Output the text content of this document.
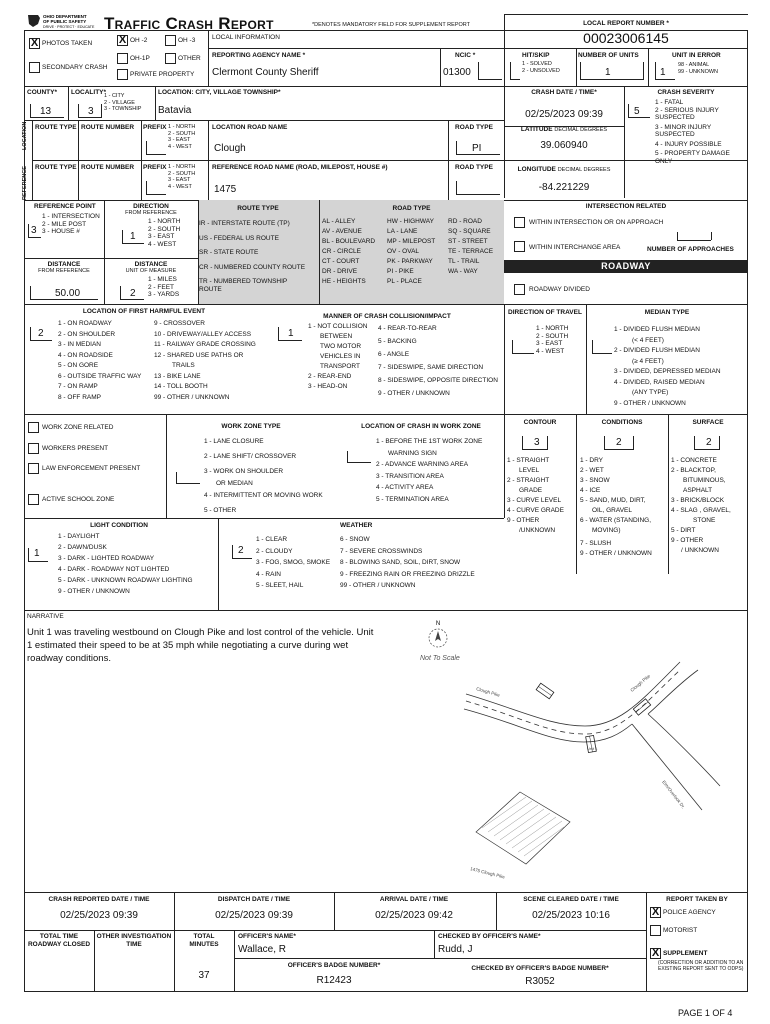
OHIO DEPARTMENT
OF PUBLIC SAFETY
DRIVE · PROTECT · EDUCATE Traffic Crash Report	*DENOTES MANDATORY FIELD FOR SUPPLEMENT REPORT
X PHOTOS TAKEN X OH -2	OH -3
OH-1P	OTHER
SECONDARY CRASH
PRIVATE PROPERTY
LOCAL INFORMATION
REPORTING AGENCY NAME *
Clermont County Sheriff
NCIC *
01300
LOCAL REPORT NUMBER *
00023006145
HIT/SKIP
1 - SOLVED
2 - UNSOLVED
NUMBER OF UNITS
1
UNIT IN ERROR
1
98 - ANIMAL
99 - UNKNOWN
COUNTY*
13
LOCALITY*
3
1 - CITY
2 - VILLAGE
3 - TOWNSHIP
LOCATION: CITY, VILLAGE TOWNSHIP*
Batavia
CRASH DATE / TIME*
02/25/2023 09:39
CRASH SEVERITY
5
1 - FATAL
2 - SERIOUS INJURY SUSPECTED
3 - MINOR INJURY SUSPECTED
4 - INJURY POSSIBLE
5 - PROPERTY DAMAGE ONLY
LOCATION
REFERENCE
ROUTE TYPE ROUTE NUMBER PREFIX 1 - NORTH
2 - SOUTH
3 - EAST
4 - WEST
LOCATION ROAD NAME
Clough
ROAD TYPE
PI
ROUTE TYPE ROUTE NUMBER PREFIX 1 - NORTH
2 - SOUTH
3 - EAST
4 - WEST
REFERENCE ROAD NAME (ROAD, MILEPOST, HOUSE #)
1475
ROAD TYPE
LATITUDE DECIMAL DEGREES
39.060940
LONGITUDE DECIMAL DEGREES
-84.221229
REFERENCE POINT
1 - INTERSECTION
2 - MILE POST
3 - HOUSE #
3
DIRECTION
FROM REFERENCE
1 - NORTH
2 - SOUTH
3 - EAST
4 - WEST
1
DISTANCE
FROM REFERENCE
50.00
DISTANCE
UNIT OF MEASURE
1 - MILES
2 - FEET
3 - YARDS
2
ROUTE TYPE
IR - INTERSTATE ROUTE (TP)
US - FEDERAL US ROUTE
SR - STATE ROUTE
CR - NUMBERED COUNTY ROUTE
TR - NUMBERED TOWNSHIP ROUTE
ROAD TYPE
AL - ALLEY
AV - AVENUE
BL - BOULEVARD
CR - CIRCLE
CT - COURT
DR - DRIVE
HE - HEIGHTS
HW - HIGHWAY
LA - LANE
MP - MILEPOST
OV - OVAL
PK - PARKWAY
PI - PIKE
PL - PLACE
RD - ROAD
SQ - SQUARE
ST - STREET
TE - TERRACE
TL - TRAIL
WA - WAY
INTERSECTION RELATED
WITHIN INTERSECTION OR ON APPROACH
WITHIN INTERCHANGE AREA	NUMBER OF APPROACHES
ROADWAY
ROADWAY DIVIDED
LOCATION OF FIRST HARMFUL EVENT
2
1 - ON ROADWAY
2 - ON SHOULDER
3 - IN MEDIAN
4 - ON ROADSIDE
5 - ON GORE
6 - OUTSIDE TRAFFIC WAY
7 - ON RAMP
8 - OFF RAMP
9 - CROSSOVER
10 - DRIVEWAY/ALLEY ACCESS
11 - RAILWAY GRADE CROSSING
12 - SHARED USE PATHS OR
TRAILS
13 - BIKE LANE
14 - TOLL BOOTH
99 - OTHER / UNKNOWN
MANNER OF CRASH COLLISION/IMPACT
1
1 - NOT COLLISION
BETWEEN
TWO MOTOR
VEHICLES IN
TRANSPORT
2 - REAR-END
3 - HEAD-ON
4 - REAR-TO-REAR
5 - BACKING
6 - ANGLE
7 - SIDESWIPE, SAME DIRECTION
8 - SIDESWIPE, OPPOSITE DIRECTION
9 - OTHER / UNKNOWN
DIRECTION OF TRAVEL
1 - NORTH
2 - SOUTH
3 - EAST
4 - WEST
MEDIAN TYPE
1 - DIVIDED FLUSH MEDIAN
(< 4 FEET)
2 - DIVIDED FLUSH MEDIAN
(≥ 4 FEET)
3 - DIVIDED, DEPRESSED MEDIAN
4 - DIVIDED, RAISED MEDIAN
(ANY TYPE)
9 - OTHER / UNKNOWN
WORK ZONE RELATED
WORKERS PRESENT
LAW ENFORCEMENT PRESENT
ACTIVE SCHOOL ZONE
WORK ZONE TYPE
1 - LANE CLOSURE
2 - LANE SHIFT/ CROSSOVER
3 - WORK ON SHOULDER
OR MEDIAN
4 - INTERMITTENT OR MOVING WORK
5 - OTHER
LOCATION OF CRASH IN WORK ZONE
1 - BEFORE THE 1ST WORK ZONE
WARNING SIGN
2 - ADVANCE WARNING AREA
3 - TRANSITION AREA
4 - ACTIVITY AREA
5 - TERMINATION AREA
CONTOUR
3
1 - STRAIGHT
LEVEL
2 - STRAIGHT
GRADE
3 - CURVE LEVEL
4 - CURVE GRADE
9 - OTHER
/UNKNOWN
CONDITIONS
2
1 - DRY
2 - WET
3 - SNOW
4 - ICE
5 - SAND, MUD, DIRT,
OIL, GRAVEL
6 - WATER (STANDING,
MOVING)
7 - SLUSH
9 - OTHER / UNKNOWN
SURFACE
2
1 - CONCRETE
2 - BLACKTOP,
BITUMINOUS,
ASPHALT
3 - BRICK/BLOCK
4 - SLAG , GRAVEL,
STONE
5 - DIRT
9 - OTHER
/ UNKNOWN
LIGHT CONDITION
1
1 - DAYLIGHT
2 - DAWN/DUSK
3 - DARK - LIGHTED ROADWAY
4 - DARK - ROADWAY NOT LIGHTED
5 - DARK - UNKNOWN ROADWAY LIGHTING
9 - OTHER / UNKNOWN
WEATHER
2
1 - CLEAR
2 - CLOUDY
3 - FOG, SMOG, SMOKE
4 - RAIN
5 - SLEET, HAIL
6 - SNOW
7 - SEVERE CROSSWINDS
8 - BLOWING SAND, SOIL, DIRT, SNOW
9 - FREEZING RAIN OR FREEZING DRIZZLE
99 - OTHER / UNKNOWN
NARRATIVE
Unit 1 was traveling westbound on Clough Pike and lost control of the vehicle. Unit 1 estimated their speed to be at 35 mph while negotiating a curve during wet roadway conditions.
N
Not To Scale
Clough Pike	Clough Pike
Elm/Overlook Dr.
Unit 1
1475 Clough Pike
CRASH REPORTED DATE / TIME
02/25/2023 09:39
DISPATCH DATE / TIME
02/25/2023 09:39
ARRIVAL DATE / TIME
02/25/2023 09:42
SCENE CLEARED DATE / TIME
02/25/2023 10:16
REPORT TAKEN BY
X POLICE AGENCY
MOTORIST
TOTAL TIME ROADWAY CLOSED
OTHER INVESTIGATION TIME
TOTAL MINUTES
37
OFFICER'S NAME*
Wallace, R
CHECKED BY OFFICER'S NAME*
Rudd, J
OFFICER'S BADGE NUMBER*
R12423
CHECKED BY OFFICER'S BADGE NUMBER*
R3052
X SUPPLEMENT
(CORRECTION OR ADDITION TO AN EXISTING REPORT SENT TO ODPS)
PAGE 1 OF 4
